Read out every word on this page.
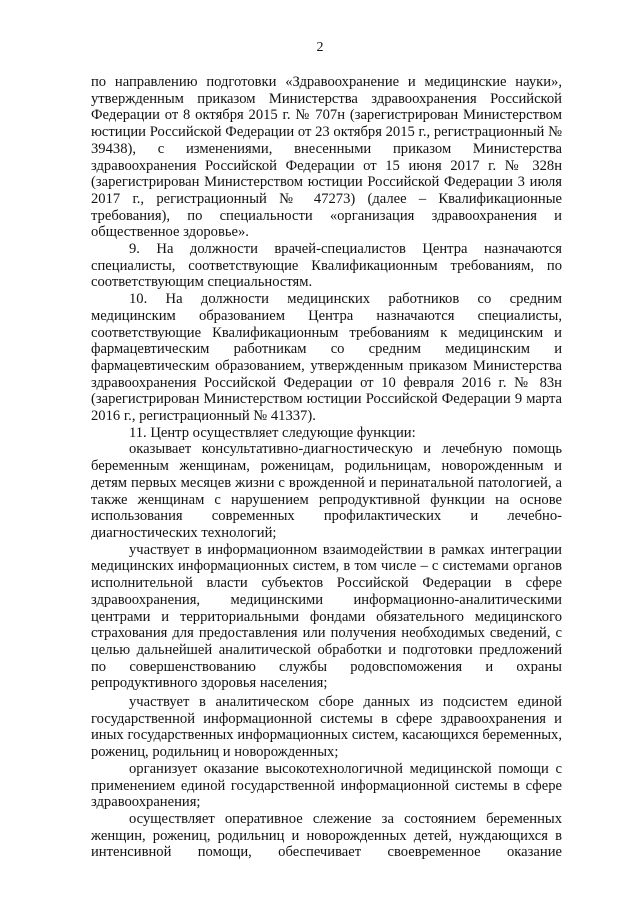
2

по направлению подготовки «Здравоохранение и медицинские науки», утвержденным приказом Министерства здравоохранения Российской Федерации от 8 октября 2015 г. № 707н (зарегистрирован Министерством юстиции Российской Федерации от 23 октября 2015 г., регистрационный № 39438), с изменениями, внесенными приказом Министерства здравоохранения Российской Федерации от 15 июня 2017 г. № 328н (зарегистрирован Министерством юстиции Российской Федерации 3 июля 2017 г., регистрационный № 47273) (далее – Квалификационные требования), по специальности «организация здравоохранения и общественное здоровье».

9. На должности врачей-специалистов Центра назначаются специалисты, соответствующие Квалификационным требованиям, по соответствующим специальностям.

10. На должности медицинских работников со средним медицинским образованием Центра назначаются специалисты, соответствующие Квалификационным требованиям к медицинским и фармацевтическим работникам со средним медицинским и фармацевтическим образованием, утвержденным приказом Министерства здравоохранения Российской Федерации от 10 февраля 2016 г. № 83н (зарегистрирован Министерством юстиции Российской Федерации 9 марта 2016 г., регистрационный № 41337).

11. Центр осуществляет следующие функции:

оказывает консультативно-диагностическую и лечебную помощь беременным женщинам, роженицам, родильницам, новорожденным и детям первых месяцев жизни с врожденной и перинатальной патологией, а также женщинам с нарушением репродуктивной функции на основе использования современных профилактических и лечебно-диагностических технологий;

участвует в информационном взаимодействии в рамках интеграции медицинских информационных систем, в том числе – с системами органов исполнительной власти субъектов Российской Федерации в сфере здравоохранения, медицинскими информационно-аналитическими центрами и территориальными фондами обязательного медицинского страхования для предоставления или получения необходимых сведений, с целью дальнейшей аналитической обработки и подготовки предложений по совершенствованию службы родовспоможения и охраны репродуктивного здоровья населения;

участвует в аналитическом сборе данных из подсистем единой государственной информационной системы в сфере здравоохранения и иных государственных информационных систем, касающихся беременных, рожениц, родильниц и новорожденных;

организует оказание высокотехнологичной медицинской помощи с применением единой государственной информационной системы в сфере здравоохранения;

осуществляет оперативное слежение за состоянием беременных женщин, рожениц, родильниц и новорожденных детей, нуждающихся в интенсивной помощи, обеспечивает своевременное оказание
